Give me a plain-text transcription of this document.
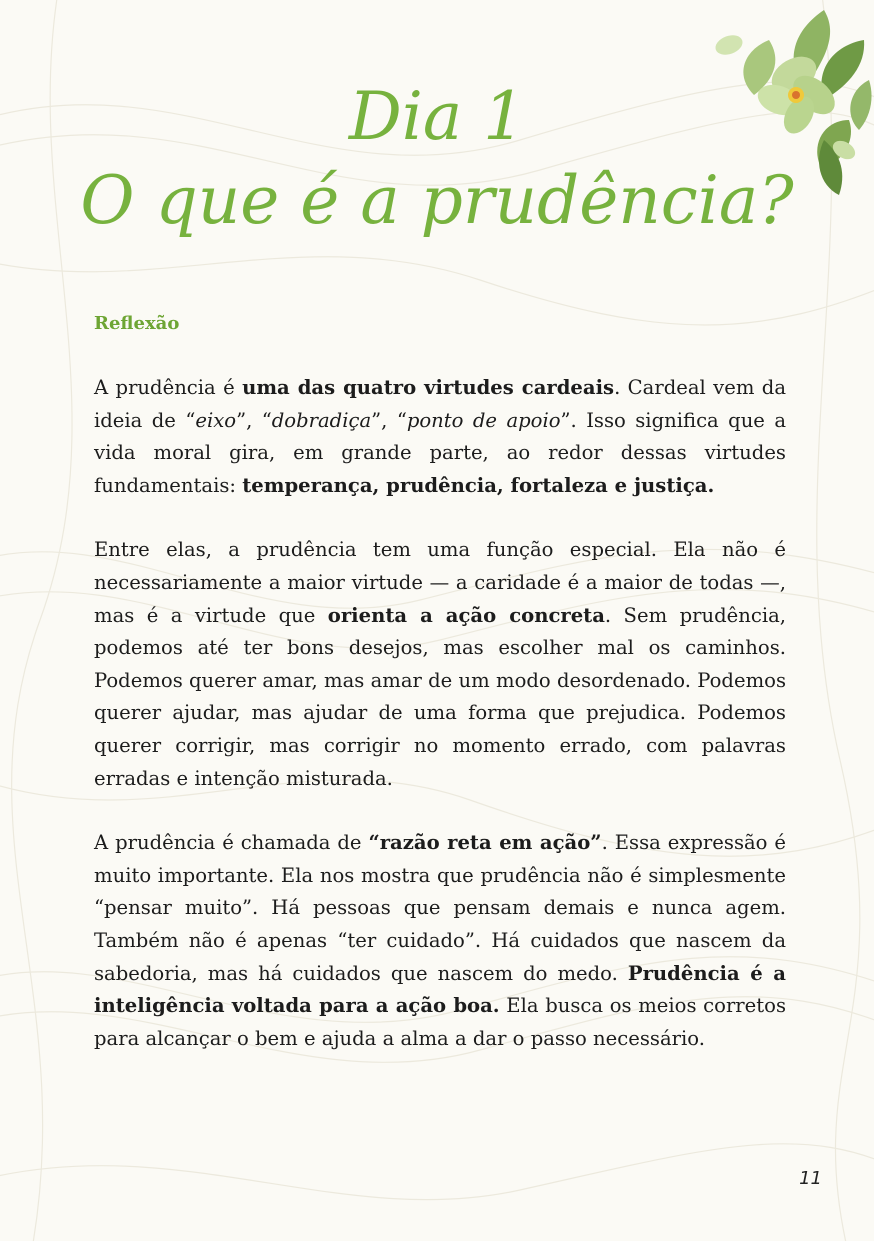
Dia 1
O que é a prudência?
Reflexão

A prudência é uma das quatro virtudes cardeais. Cardeal vem da ideia de “eixo”, “dobradiça”, “ponto de apoio”. Isso significa que a vida moral gira, em grande parte, ao redor dessas virtudes fundamentais: temperança, prudência, fortaleza e justiça.

Entre elas, a prudência tem uma função especial. Ela não é necessariamente a maior virtude — a caridade é a maior de todas —, mas é a virtude que orienta a ação concreta. Sem prudência, podemos até ter bons desejos, mas escolher mal os caminhos. Podemos querer amar, mas amar de um modo desordenado. Podemos querer ajudar, mas ajudar de uma forma que prejudica. Podemos querer corrigir, mas corrigir no momento errado, com palavras erradas e intenção misturada.

A prudência é chamada de “razão reta em ação”. Essa expressão é muito importante. Ela nos mostra que prudência não é simplesmente “pensar muito”. Há pessoas que pensam demais e nunca agem. Também não é apenas “ter cuidado”. Há cuidados que nascem da sabedoria, mas há cuidados que nascem do medo. Prudência é a inteligência voltada para a ação boa. Ela busca os meios corretos para alcançar o bem e ajuda a alma a dar o passo necessário.

11
